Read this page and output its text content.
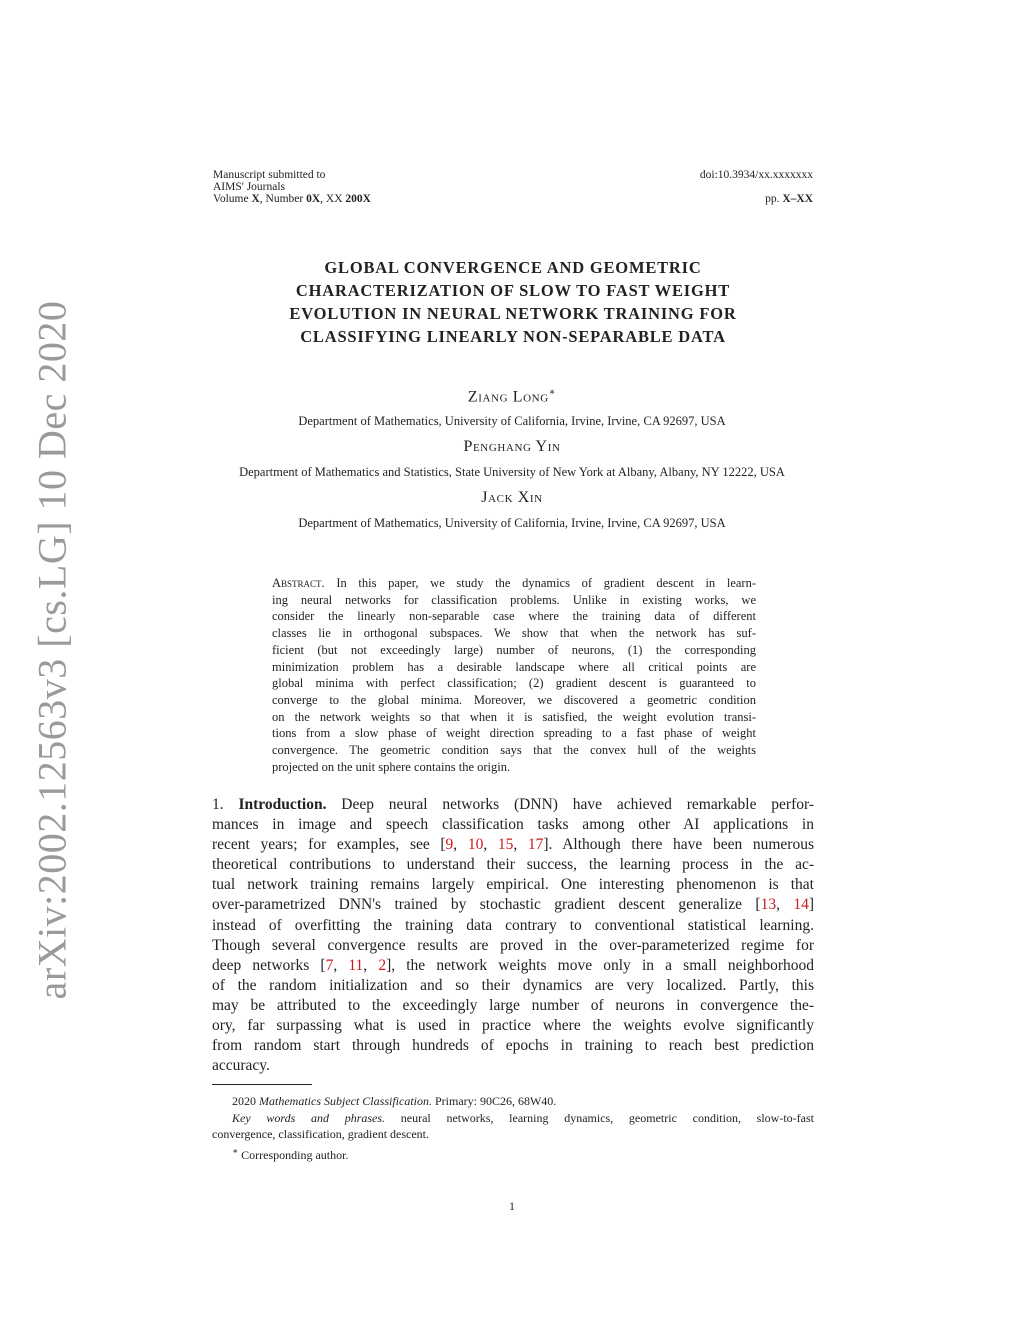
arXiv:2002.12563v3 [cs.LG] 10 Dec 2020
Manuscript submitted to
AIMS' Journals
Volume X, Number 0X, XX 200X
doi:10.3934/xx.xxxxxxx
pp. X–XX
GLOBAL CONVERGENCE AND GEOMETRIC
CHARACTERIZATION OF SLOW TO FAST WEIGHT
EVOLUTION IN NEURAL NETWORK TRAINING FOR
CLASSIFYING LINEARLY NON-SEPARABLE DATA
Ziang Long∗
Department of Mathematics, University of California, Irvine, Irvine, CA 92697, USA
Penghang Yin
Department of Mathematics and Statistics, State University of New York at Albany, Albany, NY 12222, USA
Jack Xin
Department of Mathematics, University of California, Irvine, Irvine, CA 92697, USA
Abstract. In this paper, we study the dynamics of gradient descent in learn-
ing neural networks for classification problems. Unlike in existing works, we
consider the linearly non-separable case where the training data of different
classes lie in orthogonal subspaces. We show that when the network has suf-
ficient (but not exceedingly large) number of neurons, (1) the corresponding
minimization problem has a desirable landscape where all critical points are
global minima with perfect classification; (2) gradient descent is guaranteed to
converge to the global minima. Moreover, we discovered a geometric condition
on the network weights so that when it is satisfied, the weight evolution transi-
tions from a slow phase of weight direction spreading to a fast phase of weight
convergence. The geometric condition says that the convex hull of the weights
projected on the unit sphere contains the origin.
1. Introduction. Deep neural networks (DNN) have achieved remarkable perfor-
mances in image and speech classification tasks among other AI applications in
recent years; for examples, see [9, 10, 15, 17]. Although there have been numerous
theoretical contributions to understand their success, the learning process in the ac-
tual network training remains largely empirical. One interesting phenomenon is that
over-parametrized DNN's trained by stochastic gradient descent generalize [13, 14]
instead of overfitting the training data contrary to conventional statistical learning.
Though several convergence results are proved in the over-parameterized regime for
deep networks [7, 11, 2], the network weights move only in a small neighborhood
of the random initialization and so their dynamics are very localized. Partly, this
may be attributed to the exceedingly large number of neurons in convergence the-
ory, far surpassing what is used in practice where the weights evolve significantly
from random start through hundreds of epochs in training to reach best prediction
accuracy.
2020 Mathematics Subject Classification. Primary: 90C26, 68W40.
Key words and phrases. neural networks, learning dynamics, geometric condition, slow-to-fast
convergence, classification, gradient descent.
∗ Corresponding author.
1
